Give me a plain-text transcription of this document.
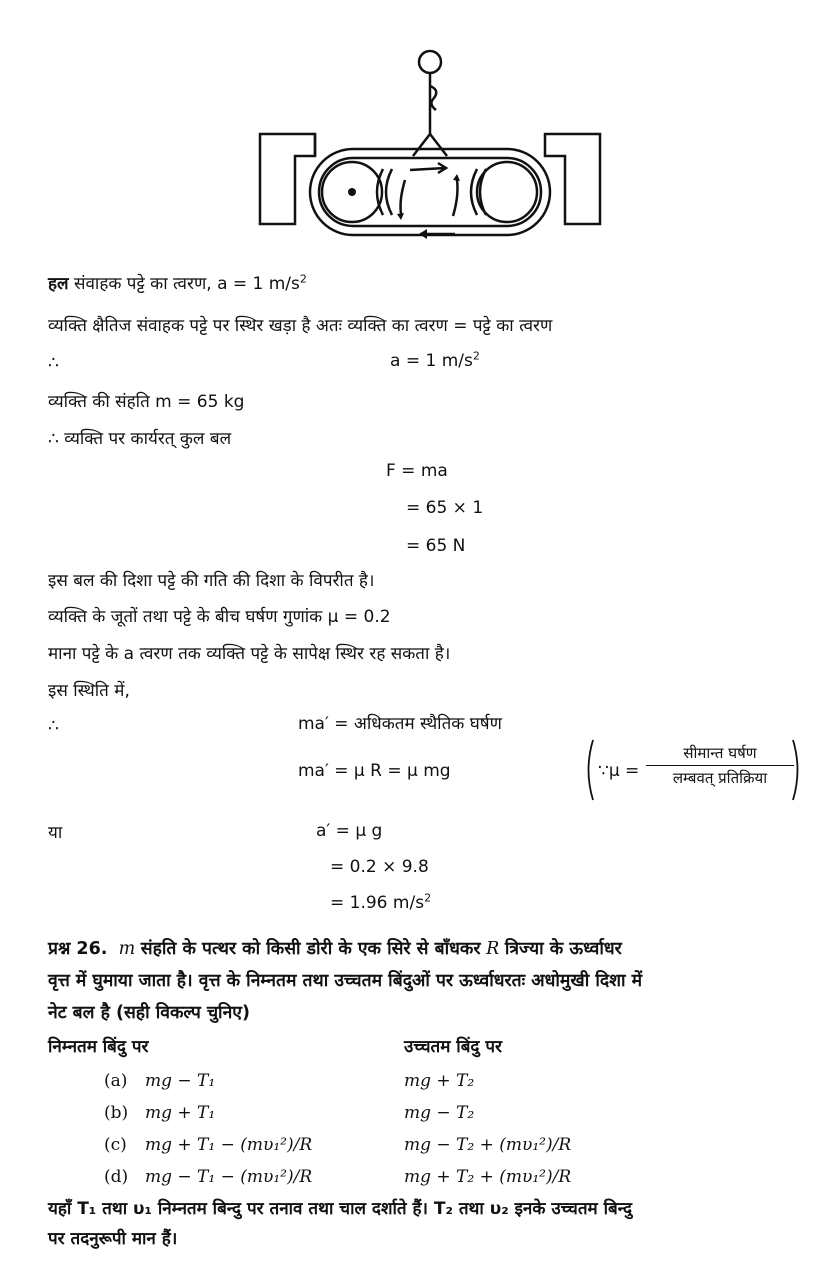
हल संवाहक पट्टे का त्वरण, a = 1 $m/s^2$
व्यक्ति क्षैतिज संवाहक पट्टे पर स्थिर खड़ा है अतः व्यक्ति का त्वरण = पट्टे का त्वरण
∴	a = 1 $m/s^2$
व्यक्ति की संहति m = 65 kg
∴ व्यक्ति पर कार्यरत् कुल बल
F = ma
= 65 × 1
= 65 N
इस बल की दिशा पट्टे की गति की दिशा के विपरीत है।
व्यक्ति के जूतों तथा पट्टे के बीच घर्षण गुणांक μ = 0.2
माना पट्टे के a त्वरण तक व्यक्ति पट्टे के सापेक्ष स्थिर रह सकता है।
इस स्थिति में,
∴	ma′ = अधिकतम स्थैतिक घर्षण
ma′ = μ R = μ mg	∵μ =
सीमान्त घर्षण
लम्बवत् प्रतिक्रिया
या	a′ = μ g
= 0.2 × 9.8
= 1.96 $m/s^2$
प्रश्न 26. m संहति के पत्थर को किसी डोरी के एक सिरे से बाँधकर R त्रिज्या के ऊर्ध्वाधर
वृत्त में घुमाया जाता है। वृत्त के निम्नतम तथा उच्चतम बिंदुओं पर ऊर्ध्वाधरतः अधोमुखी दिशा में
नेट बल है (सही विकल्प चुनिए)
निम्नतम बिंदु पर	उच्चतम बिंदु पर
(a) mg − T₁	mg + T₂
(b) mg + T₁	mg − T₂
(c) mg + T₁ − (mυ₁²)/R	mg − T₂ + (mυ₁²)/R
(d) mg − T₁ − (mυ₁²)/R	mg + T₂ + (mυ₁²)/R
यहाँ T₁ तथा υ₁ निम्नतम बिन्दु पर तनाव तथा चाल दर्शाते हैं। T₂ तथा υ₂ इनके उच्चतम बिन्दु
पर तदनुरूपी मान हैं।
